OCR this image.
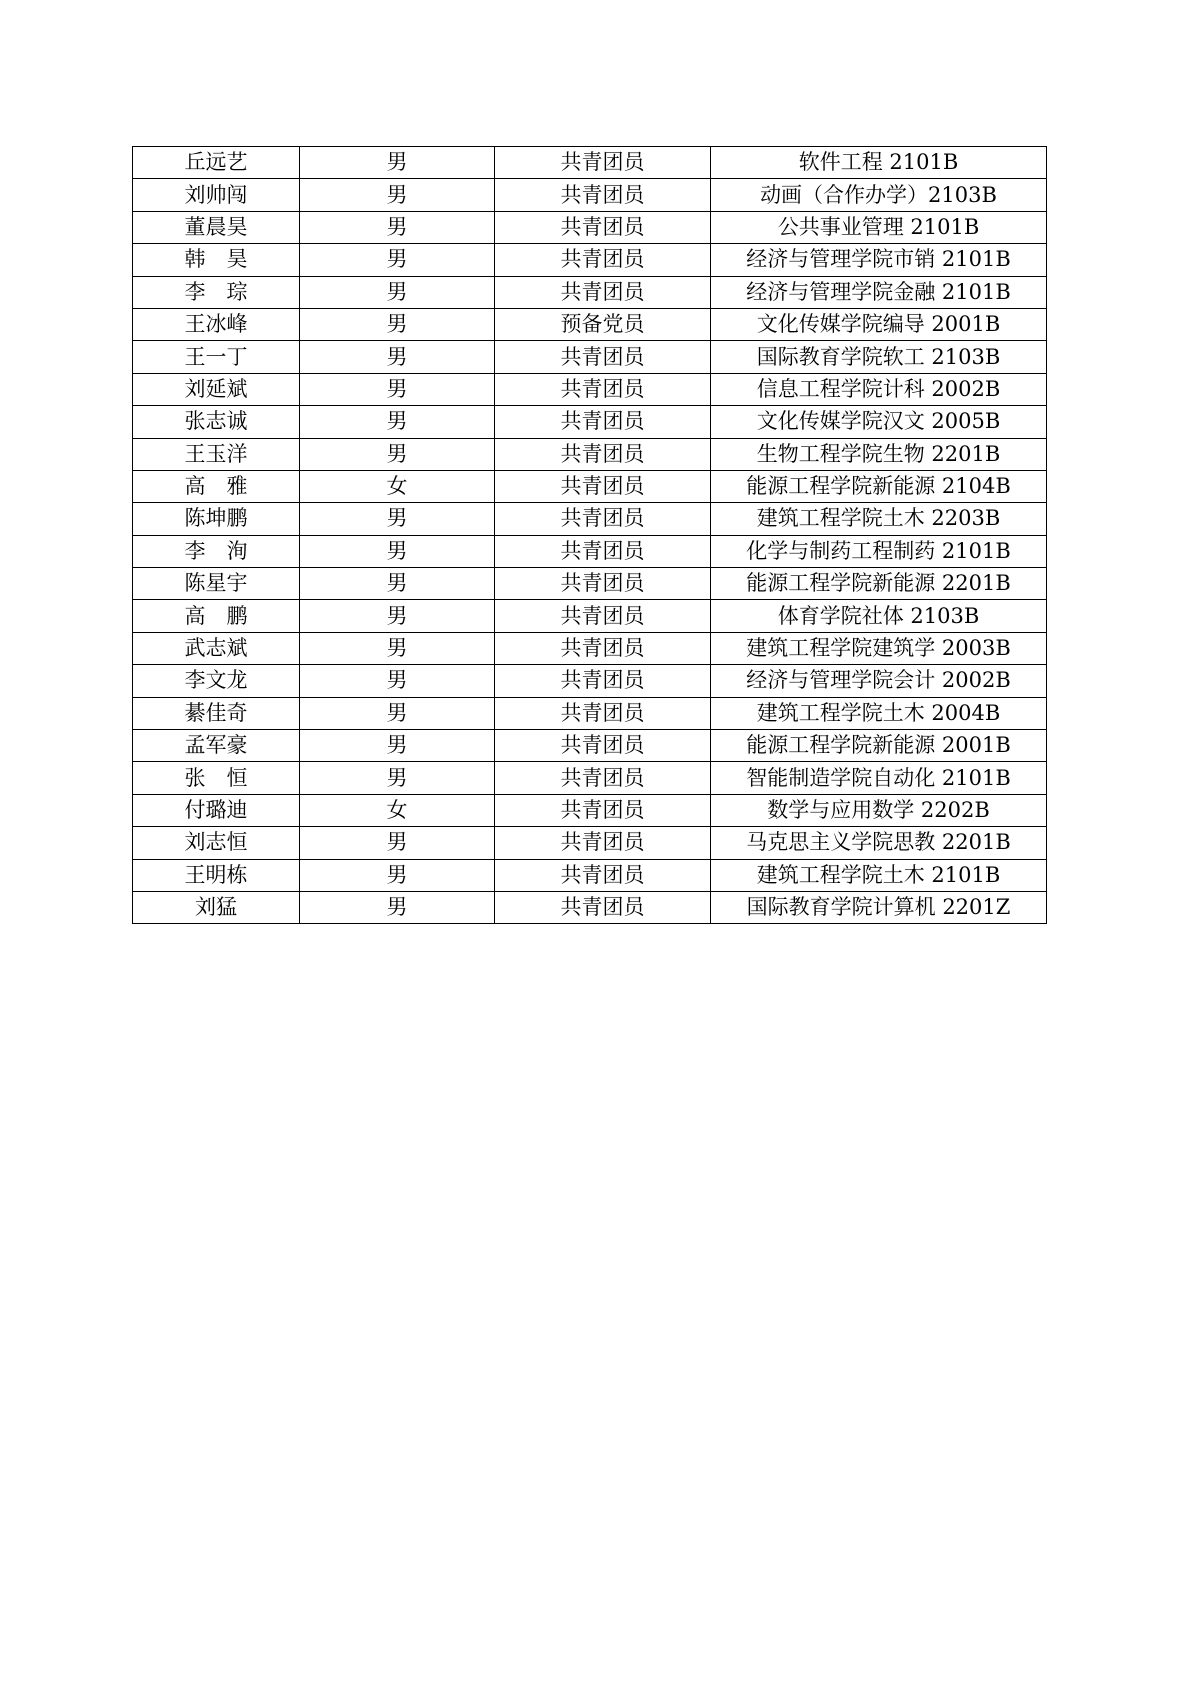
丘远艺	男	共青团员	软件工程 2101B
刘帅闯	男	共青团员	动画（合作办学）2103B
董晨昊	男	共青团员	公共事业管理 2101B
韩　昊	男	共青团员	经济与管理学院市销 2101B
李　琮	男	共青团员	经济与管理学院金融 2101B
王冰峰	男	预备党员	文化传媒学院编导 2001B
王一丁	男	共青团员	国际教育学院软工 2103B
刘延斌	男	共青团员	信息工程学院计科 2002B
张志诚	男	共青团员	文化传媒学院汉文 2005B
王玉洋	男	共青团员	生物工程学院生物 2201B
高　雅	女	共青团员	能源工程学院新能源 2104B
陈坤鹏	男	共青团员	建筑工程学院土木 2203B
李　洵	男	共青团员	化学与制药工程制药 2101B
陈星宇	男	共青团员	能源工程学院新能源 2201B
高　鹏	男	共青团员	体育学院社体 2103B
武志斌	男	共青团员	建筑工程学院建筑学 2003B
李文龙	男	共青团员	经济与管理学院会计 2002B
綦佳奇	男	共青团员	建筑工程学院土木 2004B
孟军豪	男	共青团员	能源工程学院新能源 2001B
张　恒	男	共青团员	智能制造学院自动化 2101B
付璐迪	女	共青团员	数学与应用数学 2202B
刘志恒	男	共青团员	马克思主义学院思教 2201B
王明栋	男	共青团员	建筑工程学院土木 2101B
刘猛	男	共青团员	国际教育学院计算机 2201Z
